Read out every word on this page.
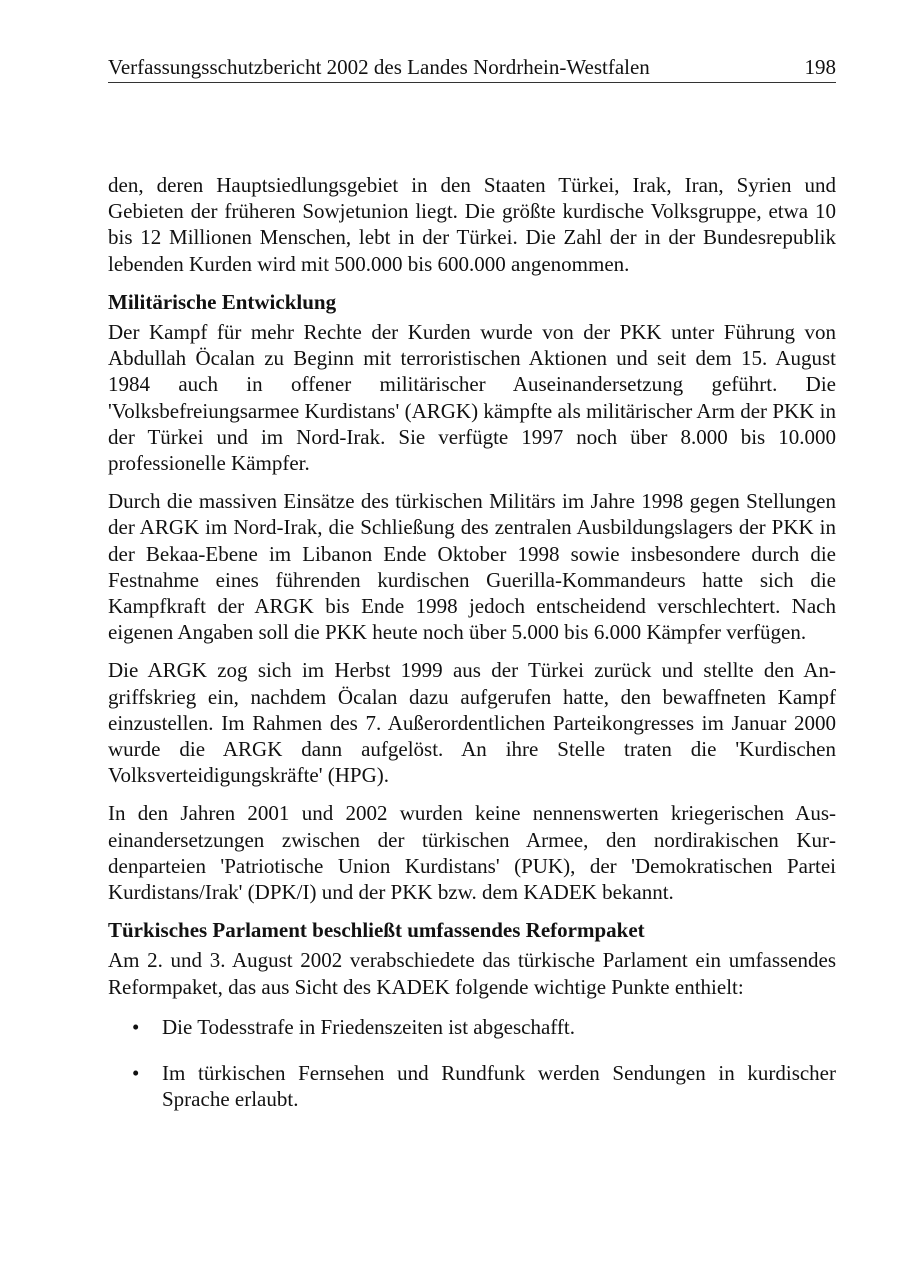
Verfassungsschutzbericht 2002 des Landes Nordrhein-Westfalen	198

den, deren Hauptsiedlungsgebiet in den Staaten Türkei, Irak, Iran, Syrien und Gebieten der früheren Sowjetunion liegt. Die größte kurdische Volksgruppe, etwa 10 bis 12 Millionen Menschen, lebt in der Türkei. Die Zahl der in der Bundesrepublik lebenden Kurden wird mit 500.000 bis 600.000 angenommen.

Militärische Entwicklung

Der Kampf für mehr Rechte der Kurden wurde von der PKK unter Führung von Abdullah Öcalan zu Beginn mit terroristischen Aktionen und seit dem 15. August 1984 auch in offener militärischer Auseinandersetzung geführt. Die 'Volksbefreiungsarmee Kurdistans' (ARGK) kämpfte als militärischer Arm der PKK in der Türkei und im Nord-Irak. Sie verfügte 1997 noch über 8.000 bis 10.000 professionelle Kämpfer.

Durch die massiven Einsätze des türkischen Militärs im Jahre 1998 gegen Stellungen der ARGK im Nord-Irak, die Schließung des zentralen Ausbildungslagers der PKK in der Bekaa-Ebene im Libanon Ende Oktober 1998 sowie insbesondere durch die Festnahme eines führenden kurdischen Guerilla-Kommandeurs hatte sich die Kampfkraft der ARGK bis Ende 1998 jedoch entscheidend verschlechtert. Nach eigenen Angaben soll die PKK heute noch über 5.000 bis 6.000 Kämpfer verfügen.

Die ARGK zog sich im Herbst 1999 aus der Türkei zurück und stellte den Angriffskrieg ein, nachdem Öcalan dazu aufgerufen hatte, den bewaffneten Kampf einzustellen. Im Rahmen des 7. Außerordentlichen Parteikongresses im Januar 2000 wurde die ARGK dann aufgelöst. An ihre Stelle traten die 'Kurdischen Volksverteidigungskräfte' (HPG).

In den Jahren 2001 und 2002 wurden keine nennenswerten kriegerischen Auseinandersetzungen zwischen der türkischen Armee, den nordirakischen Kurdenparteien 'Patriotische Union Kurdistans' (PUK), der 'Demokratischen Partei Kurdistans/Irak' (DPK/I) und der PKK bzw. dem KADEK bekannt.

Türkisches Parlament beschließt umfassendes Reformpaket

Am 2. und 3. August 2002 verabschiedete das türkische Parlament ein umfassendes Reformpaket, das aus Sicht des KADEK folgende wichtige Punkte enthielt:

• Die Todesstrafe in Friedenszeiten ist abgeschafft.
• Im türkischen Fernsehen und Rundfunk werden Sendungen in kurdischer Sprache erlaubt.
